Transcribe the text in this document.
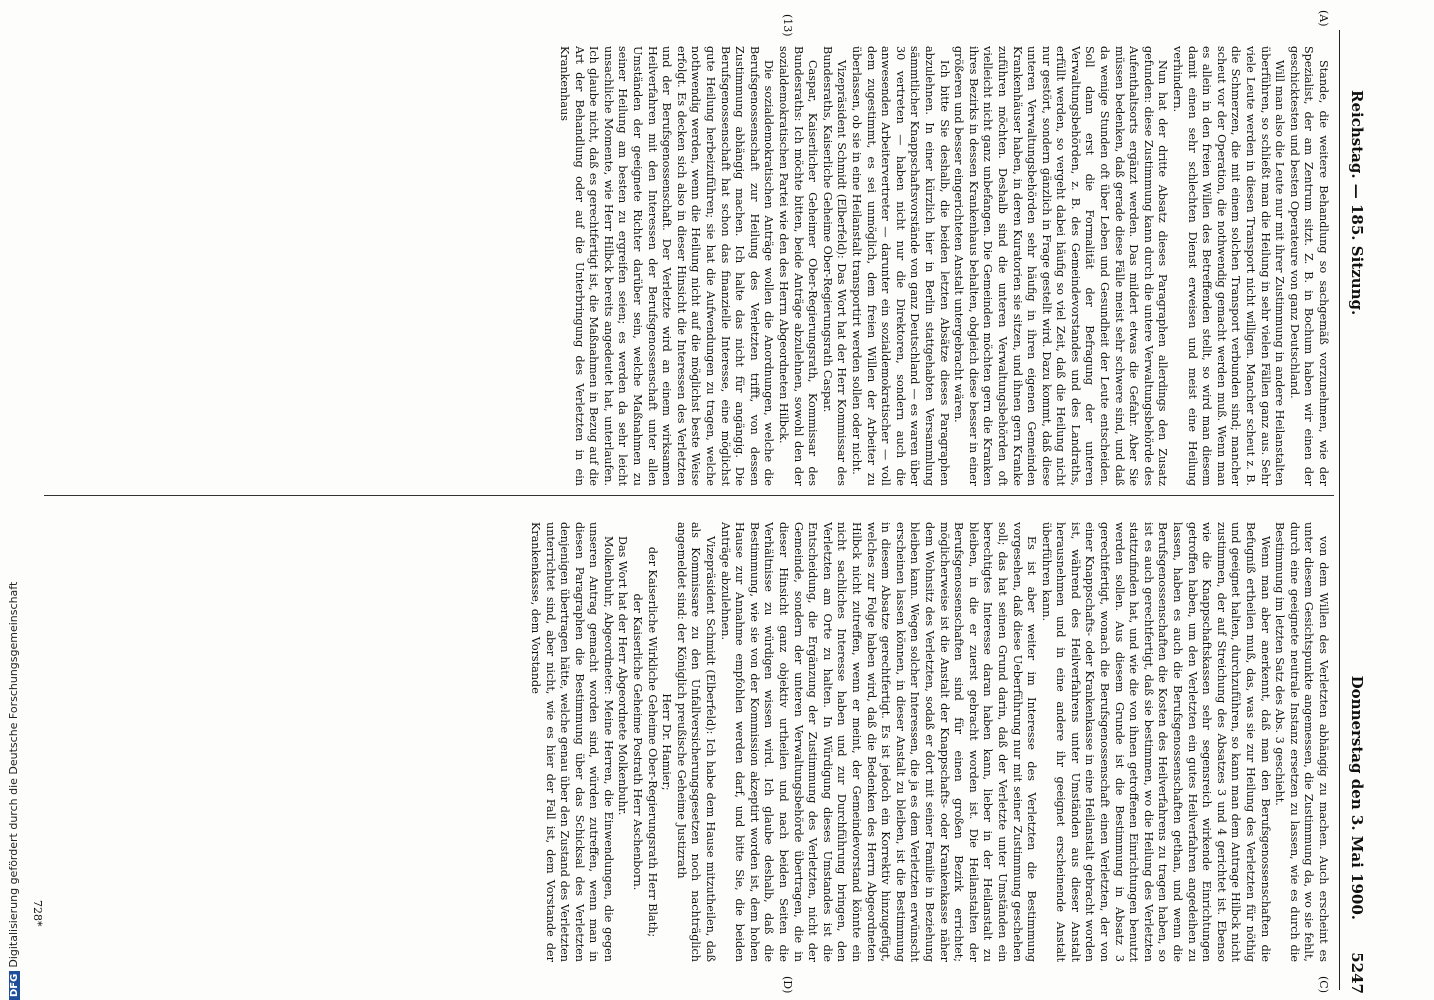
Reichstag. — 185. Sitzung.
Donnerstag den 3. Mai 1900.
5247
(A)
(13)
(C)
(D)

Stande, die weitere Behandlung so sachgemäß vorzunehmen, wie der Spezialist, der am Zentrum sitzt. Z. B. in Bochum haben wir einen der geschicktesten und besten Operateure von ganz Deutschland.

Will man also die Leute nur mit ihrer Zustimmung in andere Heilanstalten überführen, so schließt man die Heilung in sehr vielen Fällen ganz aus. Sehr viele Leute werden in diesen Transport nicht willigen. Mancher scheut z. B. die Schmerzen, die mit einem solchen Transport verbunden sind; mancher scheut vor der Operation, die nothwendig gemacht werden muß. Wenn man es allein in den freien Willen des Betreffenden stellt, so wird man diesem damit einen sehr schlechten Dienst erweisen und meist eine Heilung verhindern.

Nun hat der dritte Absatz dieses Paragraphen allerdings den Zusatz gefunden: diese Zustimmung kann durch die untere Verwaltungsbehörde des Aufenthaltsorts ergänzt werden. Das mildert etwas die Gefahr. Aber Sie müssen bedenken, daß gerade diese Fälle meist sehr schwere sind, und daß da wenige Stunden oft über Leben und Gesundheit der Leute entscheiden. Soll dann erst die Formalität der Befragung der unteren Verwaltungsbehörden, z. B. des Gemeindevorstandes und des Landraths, erfüllt werden, so vergeht dabei häufig so viel Zeit, daß die Heilung nicht nur gestört, sondern gänzlich in Frage gestellt wird. Dazu kommt, daß diese unteren Verwaltungsbehörden sehr häufig in ihren eigenen Gemeinden Krankenhäuser haben, in deren Kuratorien sie sitzen, und ihnen gern Kranke zuführen möchten. Deshalb sind die unteren Verwaltungsbehörden oft vielleicht nicht ganz unbefangen. Die Gemeinden möchten gern die Kranken ihres Bezirks in dessen Krankenhaus behalten, obgleich diese besser in einer größeren und besser eingerichteten Anstalt untergebracht wären.

Ich bitte Sie deshalb, die beiden letzten Absätze dieses Paragraphen abzulehnen. In einer kürzlich hier in Berlin stattgehabten Versammlung sämmtlicher Knappschaftsvorstände von ganz Deutschland — es waren über 30 vertreten — haben nicht nur die Direktoren, sondern auch die anwesenden Arbeitervertreter — darunter ein sozialdemokratischer — voll dem zugestimmt, es sei unmöglich, dem freien Willen der Arbeiter zu überlassen, ob sie in eine Heilanstalt transportirt werden sollen oder nicht.

Vizepräsident Schmidt (Elberfeld): Das Wort hat der Herr Kommissar des Bundesraths, Kaiserliche Geheime Ober-Regierungsrath Caspar.

Caspar, Kaiserlicher Geheimer Ober-Regierungsrath, Kommissar des Bundesraths: Ich möchte bitten, beide Anträge abzulehnen, sowohl den der sozialdemokratischen Partei wie den des Herrn Abgeordneten Hilbck.

Die sozialdemokratischen Anträge wollen die Anordnungen, welche die Berufsgenossenschaft zur Heilung des Verletzten trifft, von dessen Zustimmung abhängig machen. Ich halte das nicht für angängig. Die Berufsgenossenschaft hat schon das finanzielle Interesse, eine möglichst gute Heilung herbeizuführen; sie hat die Aufwendungen zu tragen, welche nothwendig werden, wenn die Heilung nicht auf die möglichst beste Weise erfolgt. Es decken sich also in dieser Hinsicht die Interessen des Verletzten und der Berufsgenossenschaft. Der Verletzte wird an einem wirksamen Heilverfahren mit den Interessen der Berufsgenossenschaft unter allen Umständen der geeignete Richter darüber sein, welche Maßnahmen zu seiner Heilung am besten zu ergreifen seien; es werden da sehr leicht unsachliche Momente, wie Herr Hilbck bereits angedeutet hat, unterlaufen. Ich glaube nicht, daß es gerechtfertigt ist, die Maßnahmen in Bezug auf die Art der Behandlung oder auf die Unterbringung des Verletzten in ein Krankenhaus

von dem Willen des Verletzten abhängig zu machen. Auch erscheint es unter diesem Gesichtspunkte angemessen, die Zustimmung da, wo sie fehlt, durch eine geeignete neutrale Instanz ersetzen zu lassen, wie es durch die Bestimmung im letzten Satz des Abs. 3 geschieht.

Wenn man aber anerkennt, daß man den Berufsgenossenschaften die Befugniß ertheilen muß, das, was sie zur Heilung des Verletzten für nöthig und geeignet halten, durchzuführen, so kann man dem Antrage Hilbck nicht zustimmen, der auf Streichung des Absatzes 3 und 4 gerichtet ist. Ebenso wie die Knappschaftskassen sehr segensreich wirkende Einrichtungen getroffen haben, um den Verletzten ein gutes Heilverfahren angedeihen zu lassen, haben es auch die Berufsgenossenschaften gethan, und wenn die Berufsgenossenschaften die Kosten des Heilverfahrens zu tragen haben, so ist es auch gerechtfertigt, daß sie bestimmen, wo die Heilung des Verletzten stattzufinden hat, und wie die von ihnen getroffenen Einrichtungen benutzt werden sollen. Aus diesem Grunde ist die Bestimmung in Absatz 3 gerechtfertigt, wonach die Berufsgenossenschaft einen Verletzten, der von einer Knappschafts- oder Krankenkasse in eine Heilanstalt gebracht worden ist, während des Heilverfahrens unter Umständen aus dieser Anstalt herausnehmen und in eine andere ihr geeignet erscheinende Anstalt überführen kann.

Es ist aber weiter im Interesse des Verletzten die Bestimmung vorgesehen, daß diese Ueberführung nur mit seiner Zustimmung geschehen soll; das hat seinen Grund darin, daß der Verletzte unter Umständen ein berechtigtes Interesse daran haben kann, lieber in der Heilanstalt zu bleiben, in die er zuerst gebracht worden ist. Die Heilanstalten der Berufsgenossenschaften sind für einen großen Bezirk errichtet; möglicherweise ist die Anstalt der Knappschafts- oder Krankenkasse näher dem Wohnsitz des Verletzten, sodaß er dort mit seiner Familie in Beziehung bleiben kann. Wegen solcher Interessen, die ja es dem Verletzten erwünscht erscheinen lassen können, in dieser Anstalt zu bleiben, ist die Bestimmung in diesem Absatze gerechtfertigt. Es ist jedoch ein Korrektiv hinzugefügt, welches zur Folge haben wird, daß die Bedenken des Herrn Abgeordneten Hilbck nicht zutreffen, wenn er meint, der Gemeindevorstand könnte ein nicht sachliches Interesse haben und zur Durchführung bringen, den Verletzten am Orte zu halten. In Würdigung dieses Umstandes ist die Entscheidung, die Ergänzung der Zustimmung des Verletzten, nicht der Gemeinde, sondern der unteren Verwaltungsbehörde übertragen, die in dieser Hinsicht ganz objektiv urtheilen und nach beiden Seiten die Verhältnisse zu würdigen wissen wird. Ich glaube deshalb, daß die Bestimmung, wie sie von der Kommission akzeptirt worden ist, dem hohen Hause zur Annahme empfohlen werden darf, und bitte Sie, die beiden Anträge abzulehnen.

Vizepräsident Schmidt (Elberfeld): Ich habe dem Hause mitzutheilen, daß als Kommissare zu den Unfallversicherungsgesetzen noch nachträglich angemeldet sind: der Königlich preußische Geheime Justizrath

Herr Dr. Hamier;

der Kaiserliche Wirkliche Geheime Ober-Regierungsrath Herr Blath;

der Kaiserliche Geheime Postrath Herr Aschenborn.

Das Wort hat der Herr Abgeordnete Molkenbuhr.

Molkenbuhr, Abgeordneter: Meine Herren, die Einwendungen, die gegen unseren Antrag gemacht worden sind, würden zutreffen, wenn man in diesen Paragraphen die Bestimmung über das Schicksal des Verletzten denjenigen übertragen hätte, welche genau über den Zustand des Verletzten unterrichtet sind, aber nicht, wie es hier der Fall ist, dem Vorstande der Krankenkasse, dem Vorstande

728*
DFGDigitalisierung gefördert durch die Deutsche Forschungsgemeinschaft
